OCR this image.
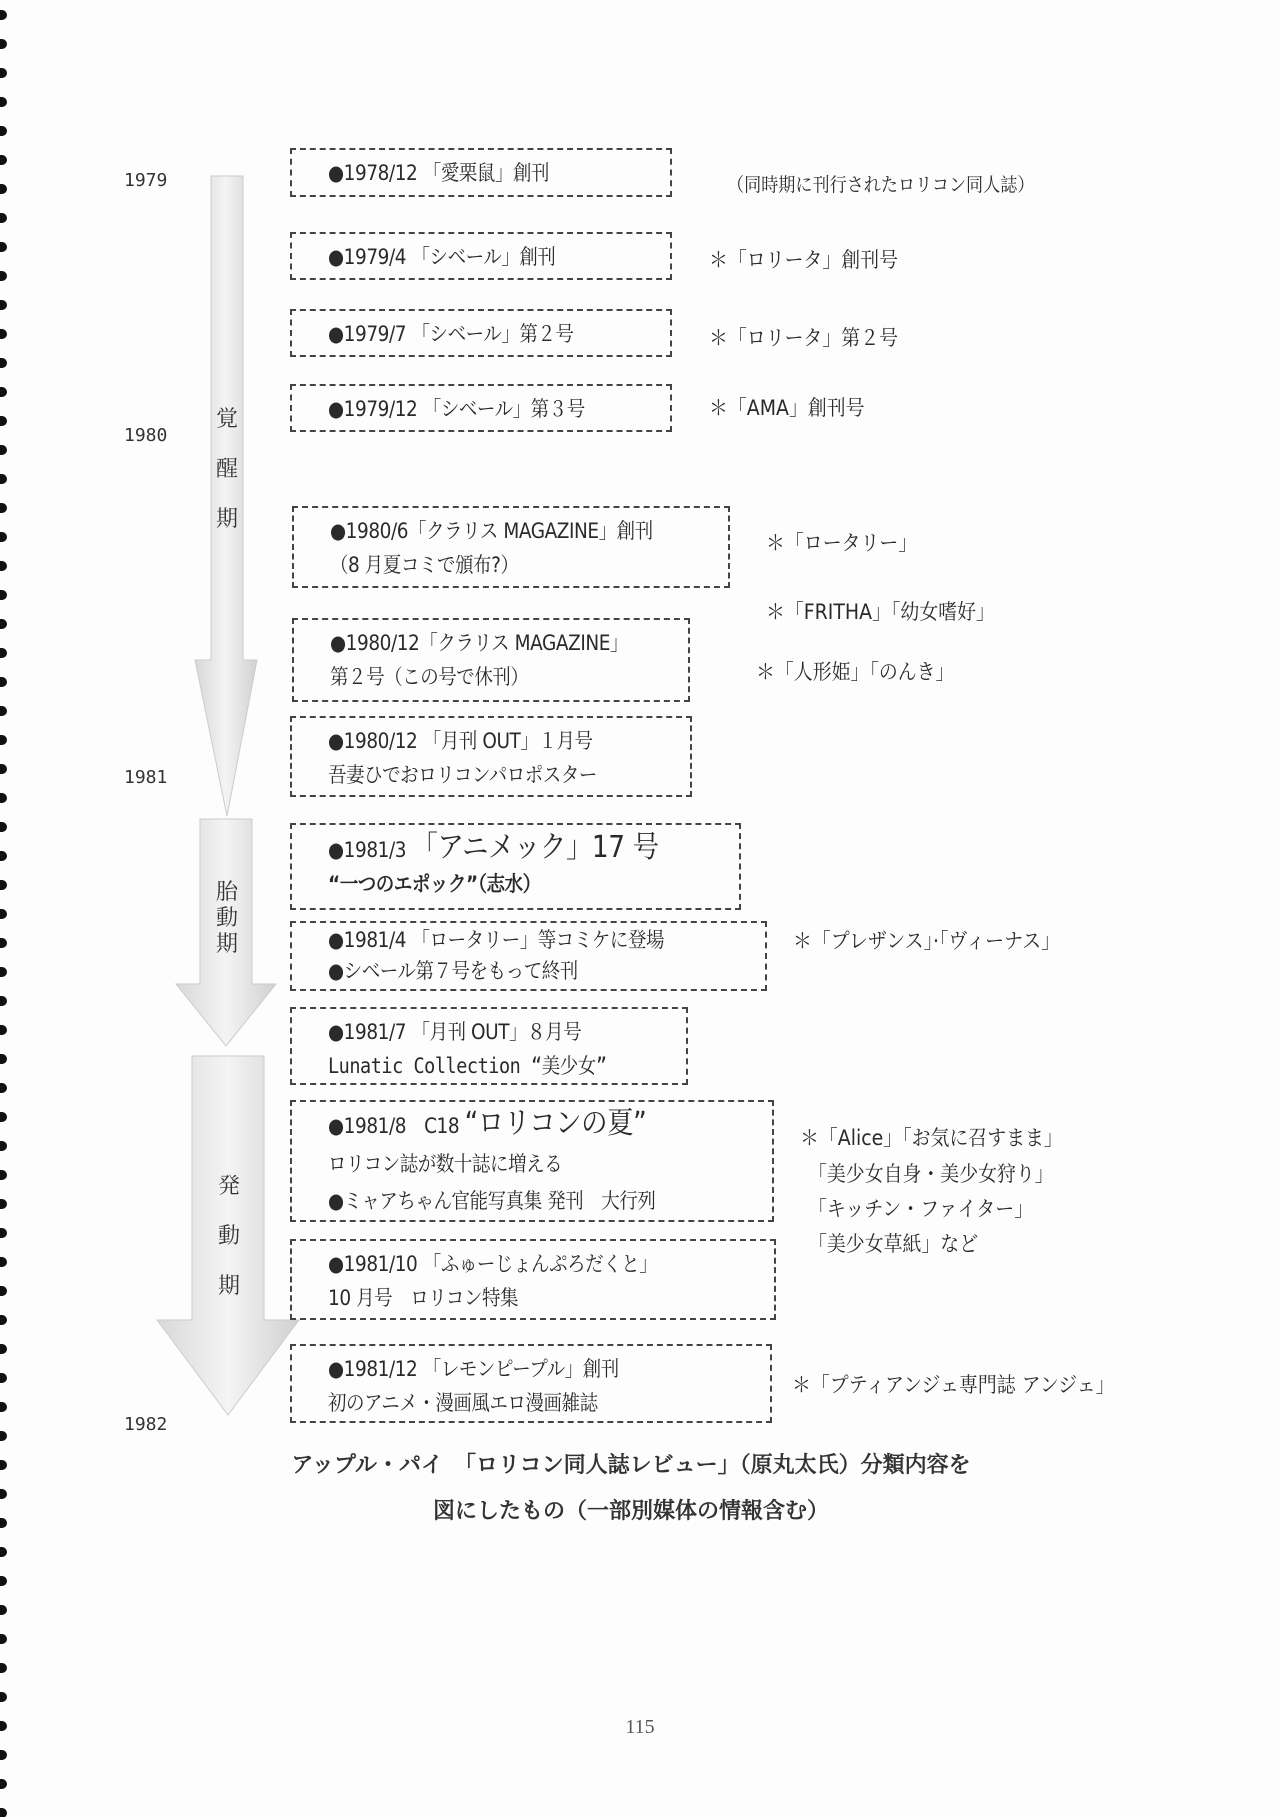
1979
1980
1981
1982
覚
醒
期
胎
動
期
発
動
期
●1978/12 「愛栗鼠」創刊
●1979/4 「シベール」創刊
●1979/7 「シベール」第２号
●1979/12 「シベール」第３号
●1980/6「クラリス MAGAZINE」創刊
（8 月夏コミで頒布?）
●1980/12「クラリス MAGAZINE」
第２号（この号で休刊）
●1980/12 「月刊 OUT」１月号
吾妻ひでおロリコンパロポスター
●1981/3 「アニメック」17 号
“一つのエポック”（志水）
●1981/4 「ロータリー」等コミケに登場
●シベール第７号をもって終刊
●1981/7 「月刊 OUT」８月号
Lunatic Collection “美少女”
●1981/8　C18 “ロリコンの夏”
ロリコン誌が数十誌に増える
●ミャアちゃん官能写真集 発刊　大行列
●1981/10 「ふゅーじょんぷろだくと」
10 月号　ロリコン特集
●1981/12 「レモンピープル」創刊
初のアニメ・漫画風エロ漫画雑誌
（同時期に刊行されたロリコン同人誌）
＊「ロリータ」創刊号
＊「ロリータ」第２号
＊「AMA」創刊号
＊「ロータリー」
＊「FRITHA」「幼女嗜好」
＊「人形姫」「のんき」
＊「プレザンス」·「ヴィーナス」
＊「Alice」「お気に召すまま」
「美少女自身・美少女狩り」
「キッチン・ファイター」
「美少女草紙」など
＊「プティアンジェ専門誌 アンジェ」
アップル・パイ　「ロリコン同人誌レビュー」（原丸太氏）分類内容を
図にしたもの（一部別媒体の情報含む）
115
